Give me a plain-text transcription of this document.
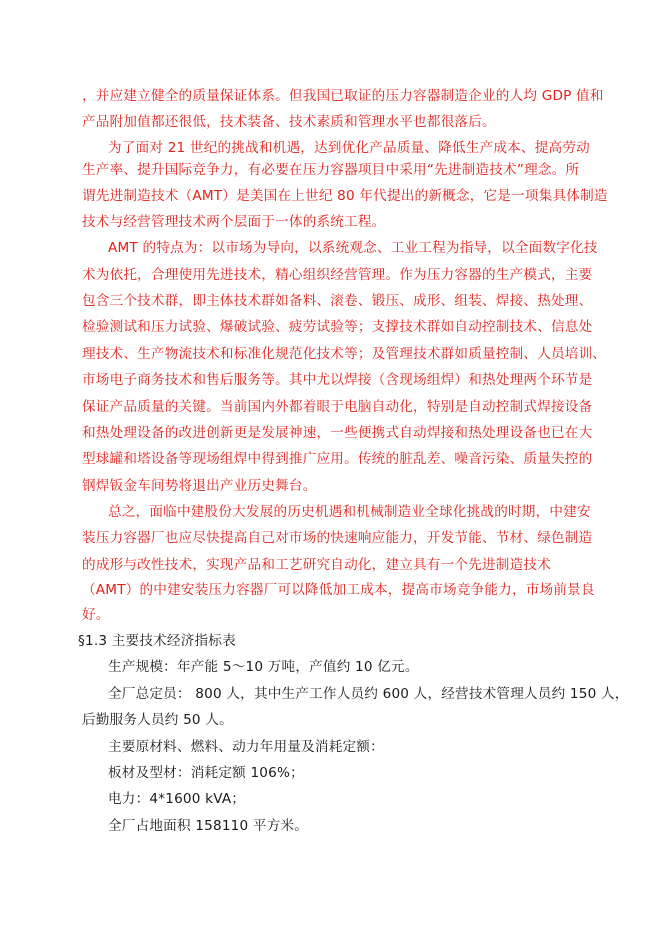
，并应建立健全的质量保证体系。但我国已取证的压力容器制造企业的人均 GDP 值和
产品附加值都还很低，技术装备、技术素质和管理水平也都很落后。
为了面对 21 世纪的挑战和机遇，达到优化产品质量、降低生产成本、提高劳动
生产率、提升国际竞争力，有必要在压力容器项目中采用“先进制造技术”理念。所
谓先进制造技术（AMT）是美国在上世纪 80 年代提出的新概念，它是一项集具体制造
技术与经营管理技术两个层面于一体的系统工程。
AMT 的特点为：以市场为导向，以系统观念、工业工程为指导，以全面数字化技
术为依托，合理使用先进技术，精心组织经营管理。作为压力容器的生产模式，主要
包含三个技术群，即主体技术群如备料、滚卷、锻压、成形、组装、焊接、热处理、
检验测试和压力试验、爆破试验、疲劳试验等；支撑技术群如自动控制技术、信息处
理技术、生产物流技术和标准化规范化技术等；及管理技术群如质量控制、人员培训、
市场电子商务技术和售后服务等。其中尤以焊接（含现场组焊）和热处理两个环节是
保证产品质量的关键。当前国内外都着眼于电脑自动化，特别是自动控制式焊接设备
和热处理设备的改进创新更是发展神速，一些便携式自动焊接和热处理设备也已在大
型球罐和塔设备等现场组焊中得到推广应用。传统的脏乱差、噪音污染、质量失控的
钢焊钣金车间势将退出产业历史舞台。
总之，面临中建股份大发展的历史机遇和机械制造业全球化挑战的时期，中建安
装压力容器厂也应尽快提高自己对市场的快速响应能力，开发节能、节材、绿色制造
的成形与改性技术，实现产品和工艺研究自动化，建立具有一个先进制造技术
（AMT）的中建安装压力容器厂可以降低加工成本，提高市场竞争能力，市场前景良
好。
§1.3 主要技术经济指标表
生产规模：年产能 5～10 万吨，产值约 10 亿元。
全厂总定员： 800 人，其中生产工作人员约 600 人，经营技术管理人员约 150 人，
后勤服务人员约 50 人。
主要原材料、燃料、动力年用量及消耗定额：
板材及型材：消耗定额 106%；
电力：4*1600 kVA；
全厂占地面积 158110 平方米。
